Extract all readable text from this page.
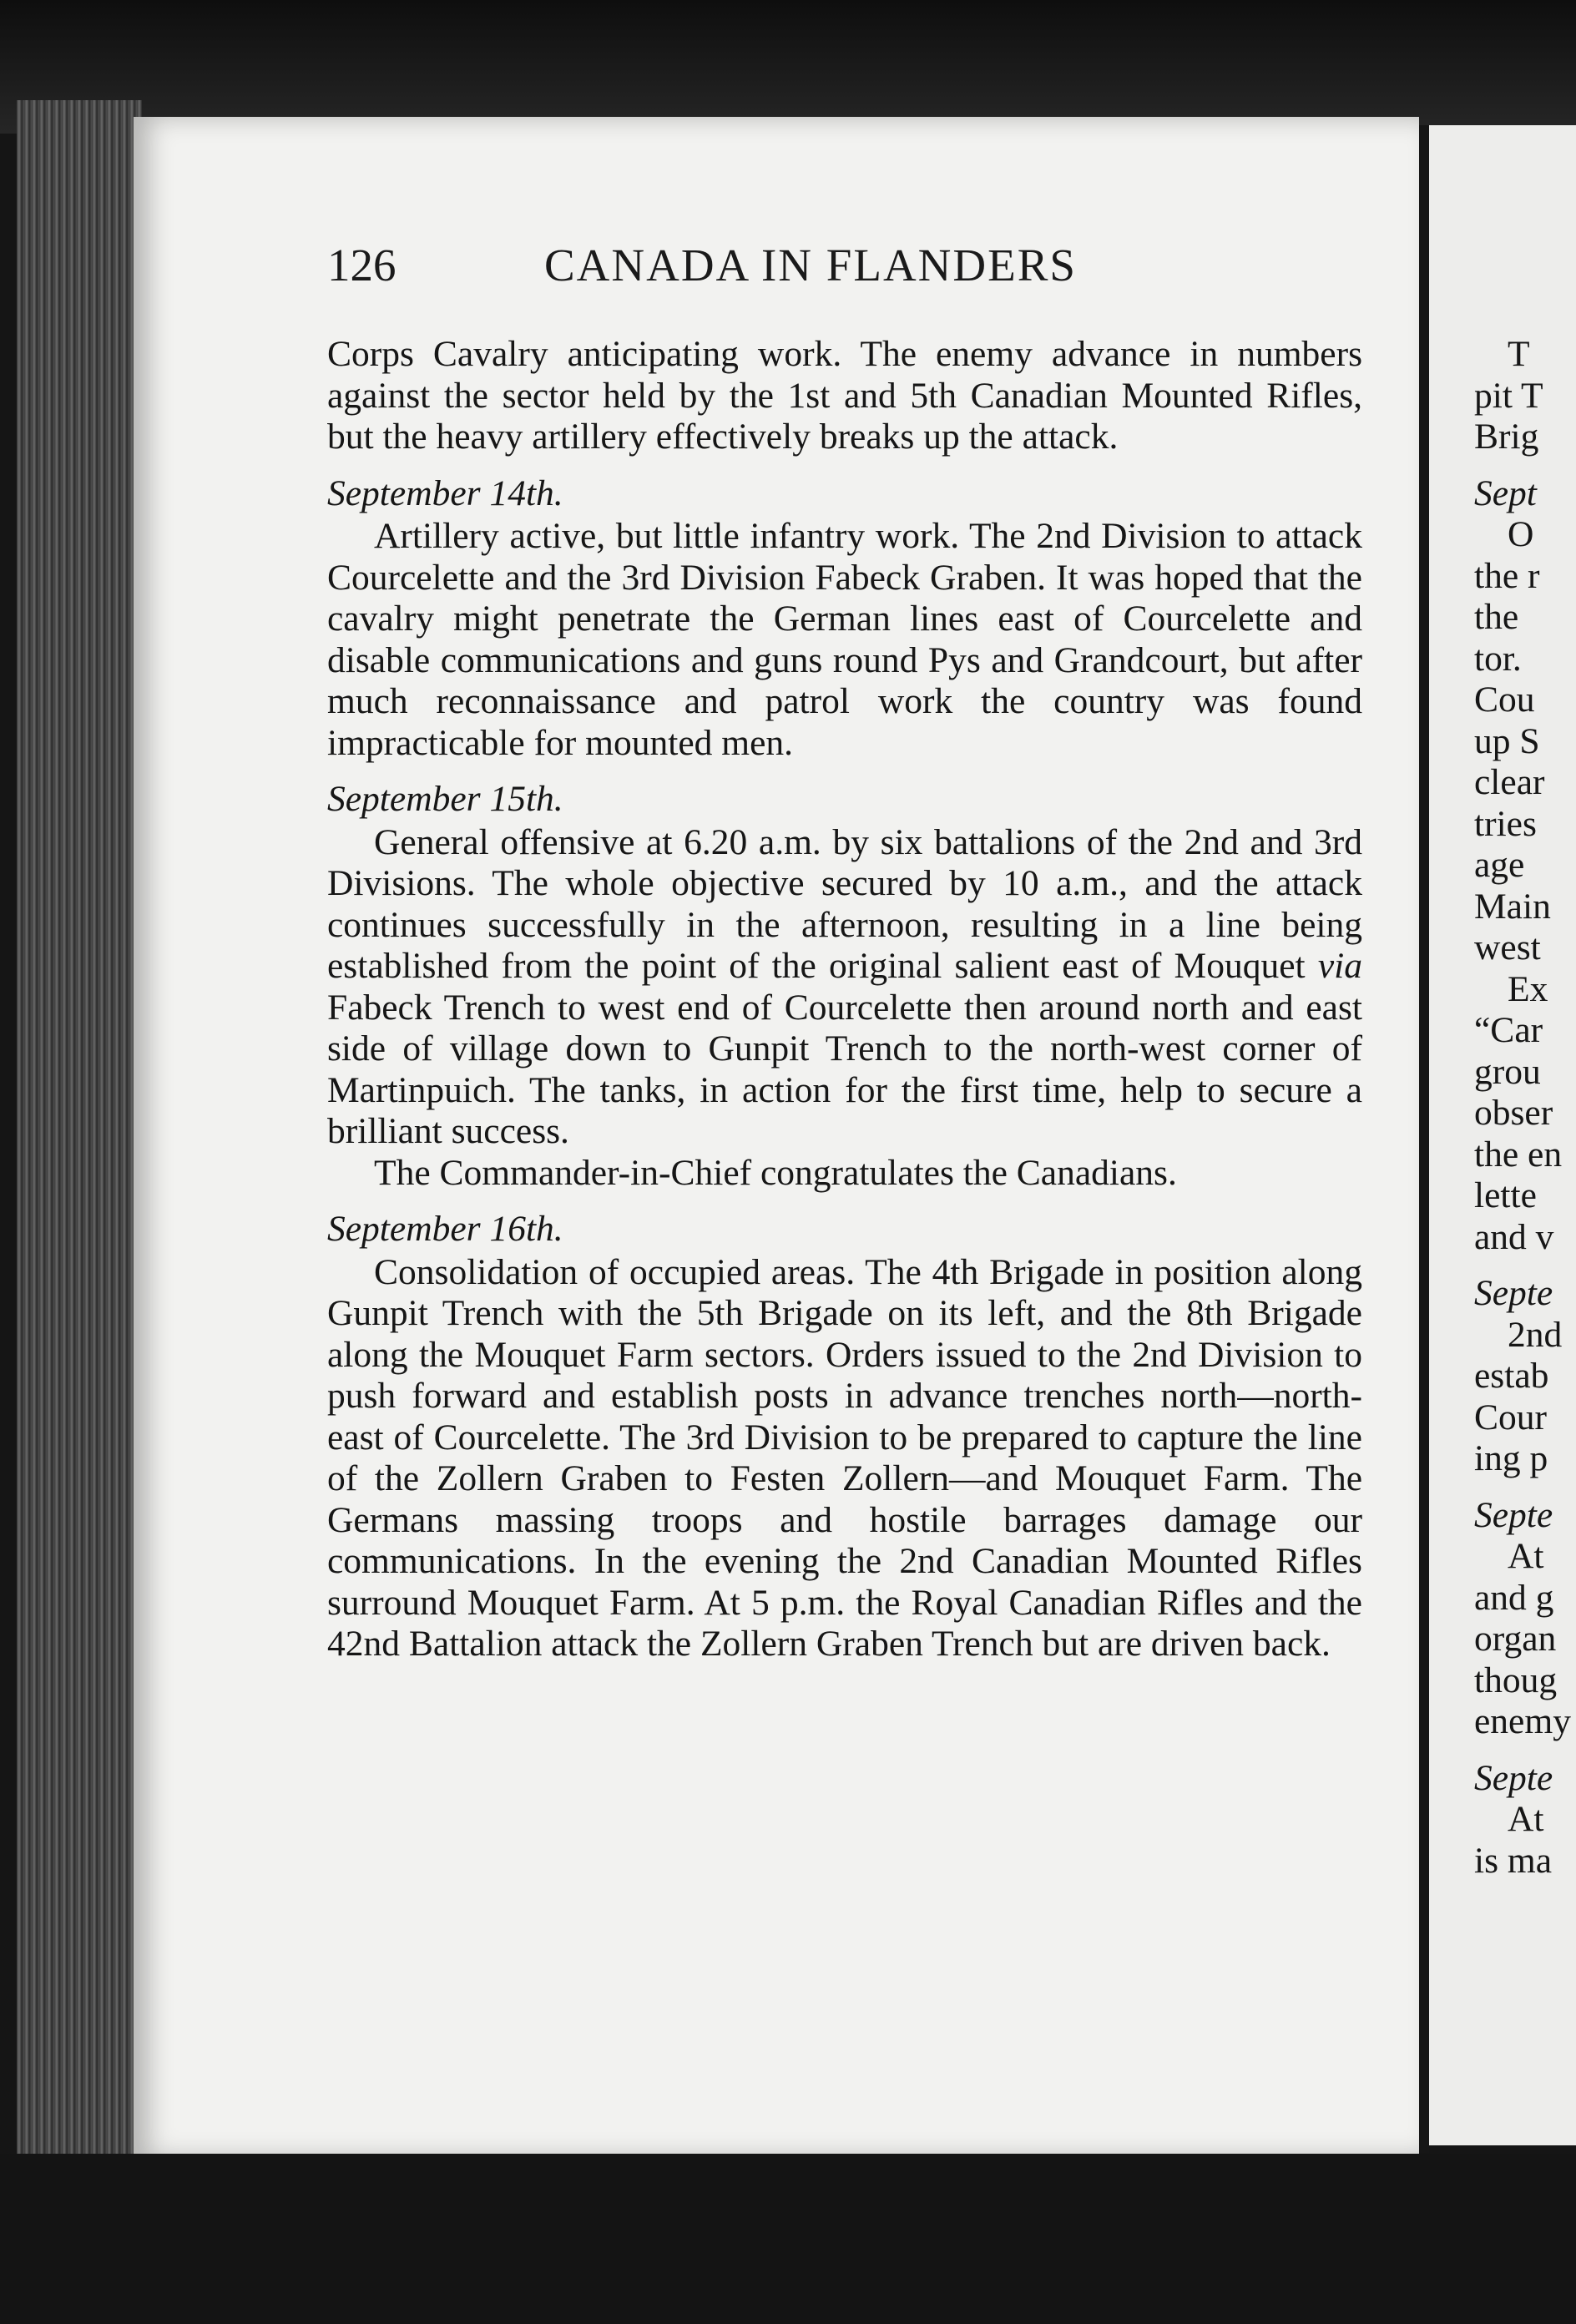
126	CANADA IN FLANDERS

Corps Cavalry anticipating work. The enemy advance in numbers against the sector held by the 1st and 5th Canadian Mounted Rifles, but the heavy artillery effectively breaks up the attack.

September 14th.

Artillery active, but little infantry work. The 2nd Division to attack Courcelette and the 3rd Division Fabeck Graben. It was hoped that the cavalry might penetrate the German lines east of Courcelette and disable communications and guns round Pys and Grandcourt, but after much reconnaissance and patrol work the country was found impracticable for mounted men.

September 15th.

General offensive at 6.20 a.m. by six battalions of the 2nd and 3rd Divisions. The whole objective secured by 10 a.m., and the attack continues successfully in the afternoon, resulting in a line being established from the point of the original salient east of Mouquet via Fabeck Trench to west end of Courcelette then around north and east side of village down to Gunpit Trench to the north-west corner of Martinpuich. The tanks, in action for the first time, help to secure a brilliant success.

The Commander-in-Chief congratulates the Canadians.

September 16th.

Consolidation of occupied areas. The 4th Brigade in position along Gunpit Trench with the 5th Brigade on its left, and the 8th Brigade along the Mouquet Farm sectors. Orders issued to the 2nd Division to push forward and establish posts in advance trenches north—north-east of Courcelette. The 3rd Division to be prepared to capture the line of the Zollern Graben to Festen Zollern—and Mouquet Farm. The Germans massing troops and hostile barrages damage our communications. In the evening the 2nd Canadian Mounted Rifles surround Mouquet Farm. At 5 p.m. the Royal Canadian Rifles and the 42nd Battalion attack the Zollern Graben Trench but are driven back.

T
pit T
Brig
Sept
O
the r
the
tor.
Cou
up S
clear
tries
age
Main
west
Ex
“Car
grou
obser
the en
lette
and v
Septe
2nd
estab
Cour
ing p
Septe
At
and g
organ
thoug
enemy
Septe
At
is ma
